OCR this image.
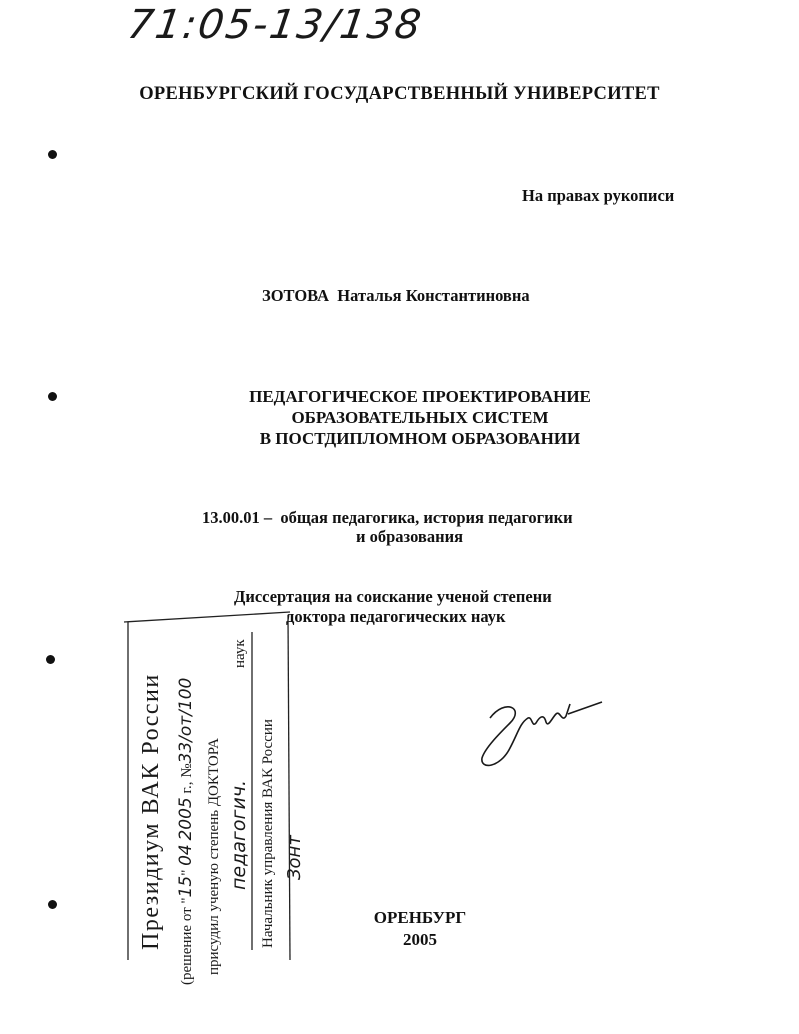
71:05-13/138
ОРЕНБУРГСКИЙ ГОСУДАРСТВЕННЫЙ УНИВЕРСИТЕТ
На правах рукописи
ЗОТОВА  Наталья Константиновна
ПЕДАГОГИЧЕСКОЕ ПРОЕКТИРОВАНИЕ
ОБРАЗОВАТЕЛЬНЫХ СИСТЕМ
В ПОСТДИПЛОМНОМ ОБРАЗОВАНИИ
13.00.01 –  общая педагогика, история педагогики
и образования
Диссертация на соискание ученой степени
доктора педагогических наук
Президиум ВАК России (решение от "15" 04 2005 г., №33/от/100
присудил ученую степень ДОКТОРА педагогич.
наук
Начальник управления ВАК России Зонт
ОРЕНБУРГ
2005
